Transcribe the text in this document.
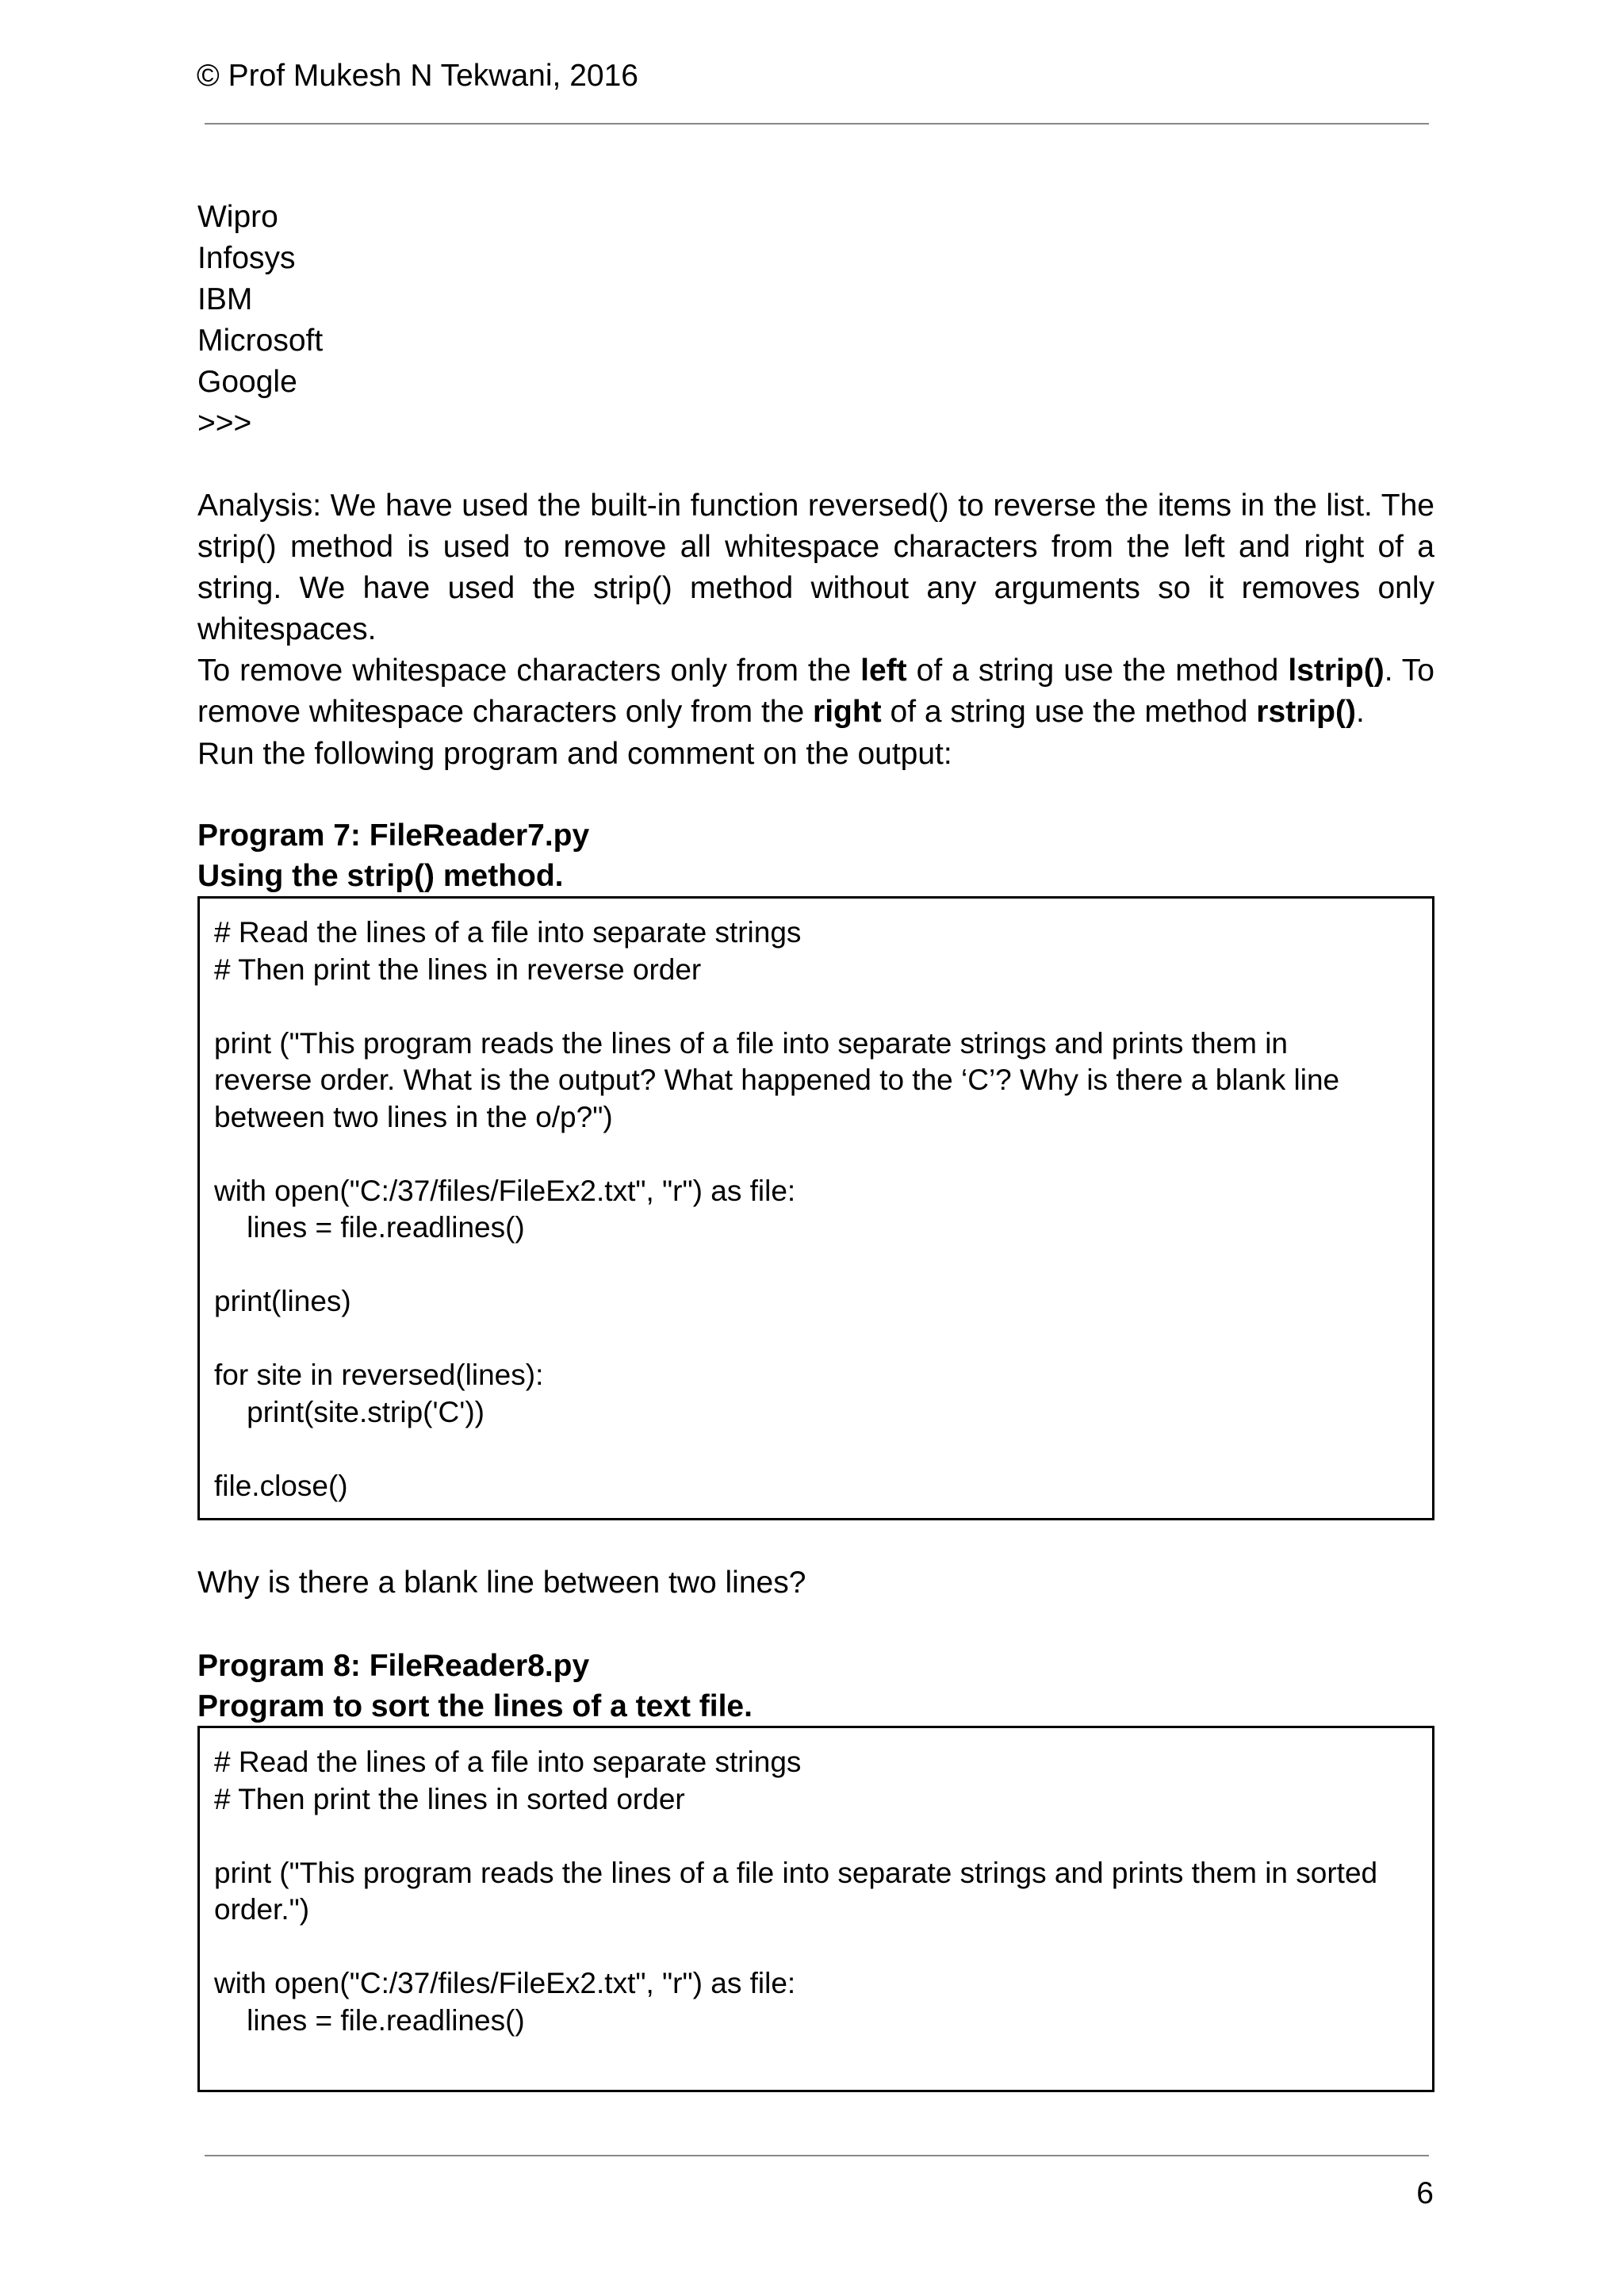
© Prof Mukesh N Tekwani, 2016
Wipro
Infosys
IBM
Microsoft
Google
>>>

Analysis: We have used the built-in function reversed() to reverse the items in the list. The strip() method is used to remove all whitespace characters from the left and right of a string. We have used the strip() method without any arguments so it removes only whitespaces.

To remove whitespace characters only from the left of a string use the method lstrip(). To remove whitespace characters only from the right of a string use the method rstrip().

Run the following program and comment on the output:
Program 7: FileReader7.py
Using the strip() method.
# Read the lines of a file into separate strings
# Then print the lines in reverse order
print ("This program reads the lines of a file into separate strings and prints them in
reverse order. What is the output? What happened to the ‘C’? Why is there a blank line
between two lines in the o/p?")
with open("C:/37/files/FileEx2.txt", "r") as file:
lines = file.readlines()
print(lines)
for site in reversed(lines):
print(site.strip('C'))
file.close()
Why is there a blank line between two lines?
Program 8: FileReader8.py
Program to sort the lines of a text file.
# Read the lines of a file into separate strings
# Then print the lines in sorted order
print ("This program reads the lines of a file into separate strings and prints them in sorted
order.")
with open("C:/37/files/FileEx2.txt", "r") as file:
lines = file.readlines()
6
